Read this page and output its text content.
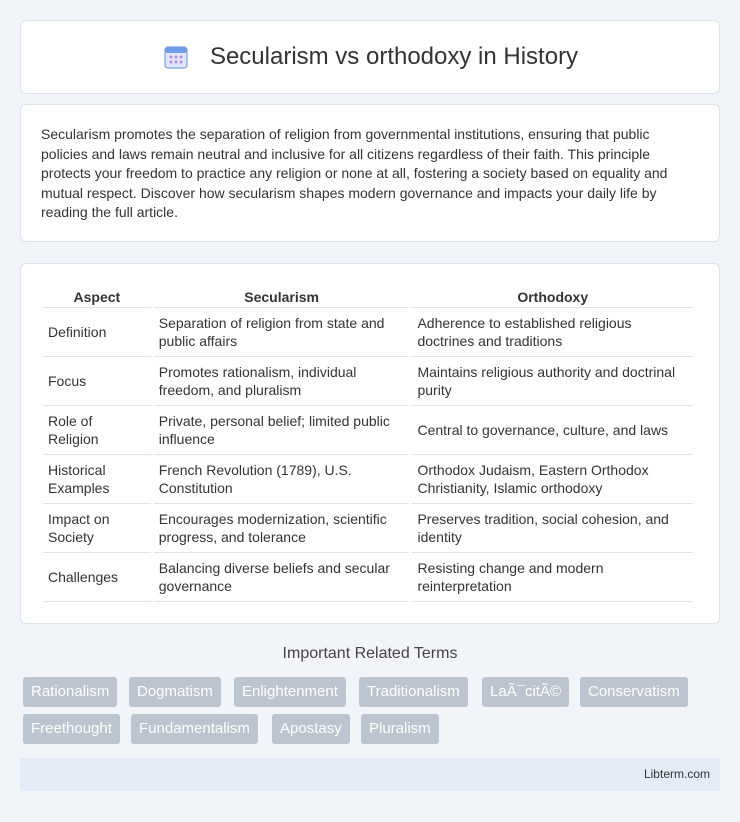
Secularism vs orthodoxy in History

Secularism promotes the separation of religion from governmental institutions, ensuring that public policies and laws remain neutral and inclusive for all citizens regardless of their faith. This principle protects your freedom to practice any religion or none at all, fostering a society based on equality and mutual respect. Discover how secularism shapes modern governance and impacts your daily life by reading the full article.

Aspect	Secularism	Orthodoxy
Definition	Separation of religion from state and public affairs	Adherence to established religious doctrines and traditions
Focus	Promotes rationalism, individual freedom, and pluralism	Maintains religious authority and doctrinal purity
Role of Religion	Private, personal belief; limited public influence	Central to governance, culture, and laws
Historical Examples	French Revolution (1789), U.S. Constitution	Orthodox Judaism, Eastern Orthodox Christianity, Islamic orthodoxy
Impact on Society	Encourages modernization, scientific progress, and tolerance	Preserves tradition, social cohesion, and identity
Challenges	Balancing diverse beliefs and secular governance	Resisting change and modern reinterpretation
Important Related Terms
Rationalism	Dogmatism	Enlightenment	Traditionalism	LaÃ¯citÃ©	Conservatism
Freethought	Fundamentalism	Apostasy	Pluralism
Libterm.com
